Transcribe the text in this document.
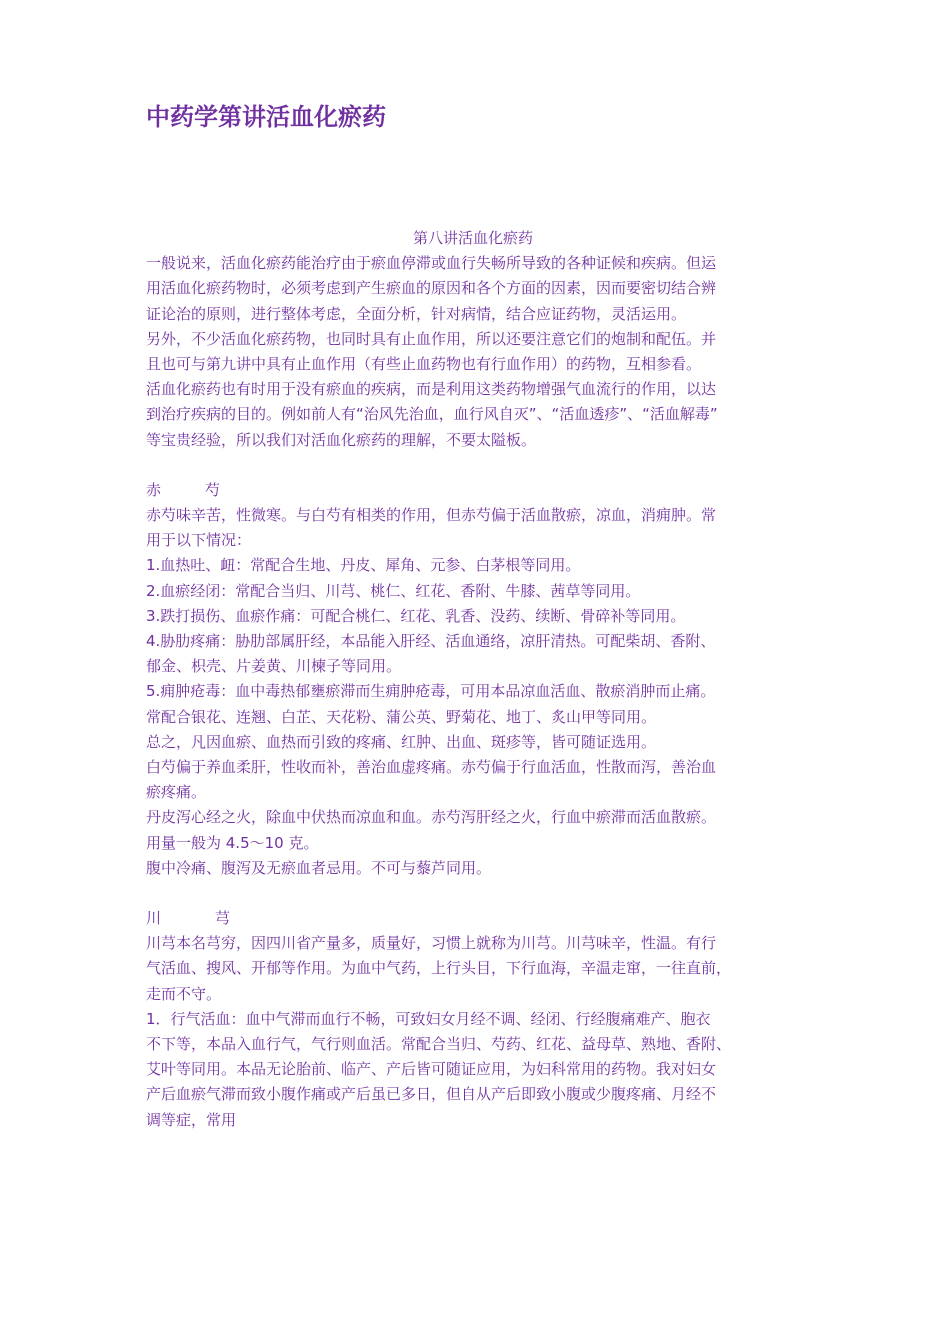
中药学第讲活血化瘀药
第八讲活血化瘀药
一般说来，活血化瘀药能治疗由于瘀血停滞或血行失畅所导致的各种证候和疾病。但运
用活血化瘀药物时，必须考虑到产生瘀血的原因和各个方面的因素，因而要密切结合辨
证论治的原则，进行整体考虑，全面分析，针对病情，结合应证药物，灵活运用。
另外，不少活血化瘀药物，也同时具有止血作用，所以还要注意它们的炮制和配伍。并
且也可与第九讲中具有止血作用（有些止血药物也有行血作用）的药物，互相参看。
活血化瘀药也有时用于没有瘀血的疾病，而是利用这类药物增强气血流行的作用，以达
到治疗疾病的目的。例如前人有“治风先治血，血行风自灭”、“活血透疹”、“活血解毒”
等宝贵经验，所以我们对活血化瘀药的理解，不要太隘板。
赤	芍
赤芍味辛苦，性微寒。与白芍有相类的作用，但赤芍偏于活血散瘀，凉血，消痈肿。常
用于以下情况：
1.血热吐、衄：常配合生地、丹皮、犀角、元参、白茅根等同用。
2.血瘀经闭：常配合当归、川芎、桃仁、红花、香附、牛膝、茜草等同用。
3.跌打损伤、血瘀作痛：可配合桃仁、红花、乳香、没药、续断、骨碎补等同用。
4.胁肋疼痛：胁肋部属肝经，本品能入肝经、活血通络，凉肝清热。可配柴胡、香附、
郁金、枳壳、片姜黄、川楝子等同用。
5.痈肿疮毒：血中毒热郁壅瘀滞而生痈肿疮毒，可用本品凉血活血、散瘀消肿而止痛。
常配合银花、连翘、白芷、天花粉、蒲公英、野菊花、地丁、炙山甲等同用。
总之，凡因血瘀、血热而引致的疼痛、红肿、出血、斑疹等，皆可随证选用。
白芍偏于养血柔肝，性收而补，善治血虚疼痛。赤芍偏于行血活血，性散而泻，善治血
瘀疼痛。
丹皮泻心经之火，除血中伏热而凉血和血。赤芍泻肝经之火，行血中瘀滞而活血散瘀。
用量一般为 4.5～10 克。
腹中冷痛、腹泻及无瘀血者忌用。不可与藜芦同用。
川	芎
川芎本名芎穷，因四川省产量多，质量好，习惯上就称为川芎。川芎味辛，性温。有行
气活血、搜风、开郁等作用。为血中气药，上行头目，下行血海，辛温走窜，一往直前，
走而不守。
1．行气活血：血中气滞而血行不畅，可致妇女月经不调、经闭、行经腹痛难产、胞衣
不下等，本品入血行气，气行则血活。常配合当归、芍药、红花、益母草、熟地、香附、
艾叶等同用。本品无论胎前、临产、产后皆可随证应用，为妇科常用的药物。我对妇女
产后血瘀气滞而致小腹作痛或产后虽已多日，但自从产后即致小腹或少腹疼痛、月经不
调等症，常用
